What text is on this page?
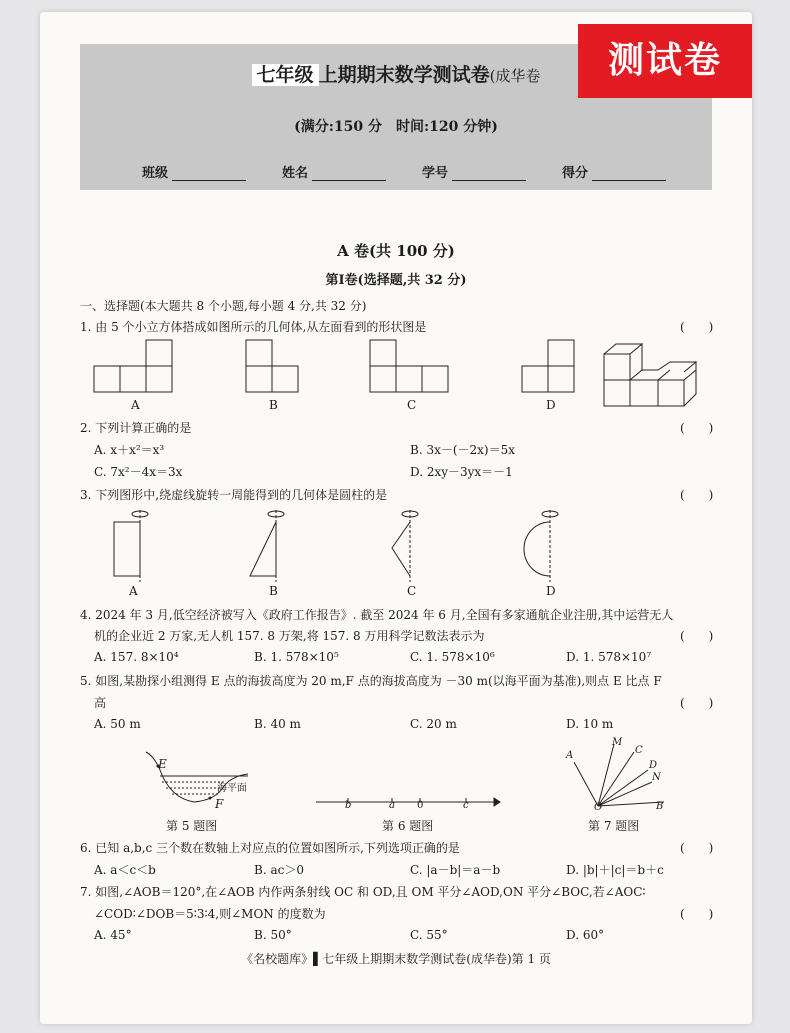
七年级 上期期末数学测试卷(成华卷
(满分:150 分　时间:120 分钟)
班级	姓名	学号	得分
测试卷
A 卷(共 100 分)
第Ⅰ卷(选择题,共 32 分)
一、选择题(本大题共 8 个小题,每小题 4 分,共 32 分)
1. 由 5 个小立方体搭成如图所示的几何体,从左面看到的形状图是	(　　)
A	B	C	D
2. 下列计算正确的是	(　　)
A. x＋x²＝x³	B. 3x－(－2x)＝5x
C. 7x²－4x＝3x	D. 2xy－3yx＝－1
3. 下列图形中,绕虚线旋转一周能得到的几何体是圆柱的是	(　　)
A	B	C	D
4. 2024 年 3 月,低空经济被写入《政府工作报告》. 截至 2024 年 6 月,全国有多家通航企业注册,其中运营无人
机的企业近 2 万家,无人机 157. 8 万架,将 157. 8 万用科学记数法表示为	(　　)
A. 157. 8×10⁴	B. 1. 578×10⁵	C. 1. 578×10⁶	D. 1. 578×10⁷
5. 如图,某勘探小组测得 E 点的海拔高度为 20 m,F 点的海拔高度为 －30 m(以海平面为基准),则点 E 比点 F
高	(　　)
A. 50 m	B. 40 m	C. 20 m	D. 10 m
E
F
海平面
第 5 题图
b	a 0	c
第 6 题图
A
M
C
D
N
O	B
第 7 题图
6. 已知 a,b,c 三个数在数轴上对应点的位置如图所示,下列选项正确的是	(　　)
A. a＜c＜b	B. ac＞0	C. |a－b|＝a－b	D. |b|＋|c|＝b＋c
7. 如图,∠AOB＝120°,在∠AOB 内作两条射线 OC 和 OD,且 OM 平分∠AOD,ON 平分∠BOC,若∠AOC∶
∠COD∶∠DOB＝5∶3∶4,则∠MON 的度数为	(　　)
A. 45°	B. 50°	C. 55°	D. 60°
《名校题库》▌七年级上期期末数学测试卷(成华卷)第 1 页
